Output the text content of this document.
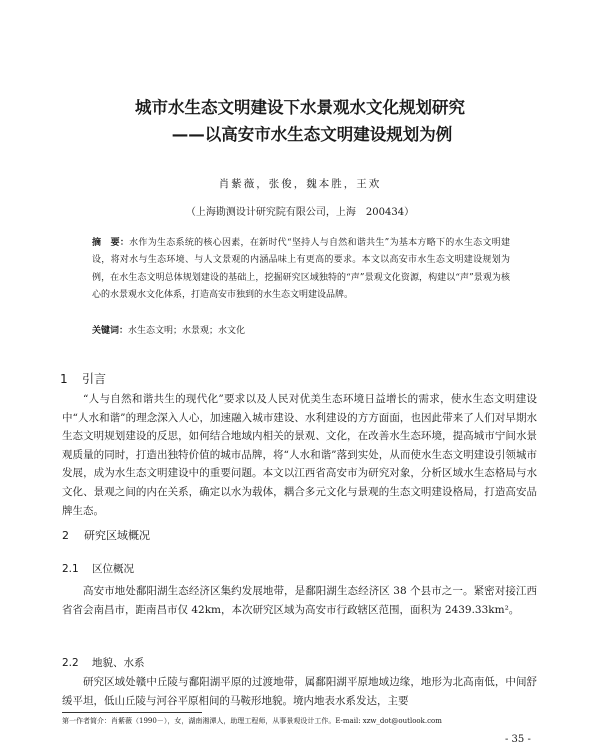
城市水生态文明建设下水景观水文化规划研究
——以高安市水生态文明建设规划为例
肖紫薇，张俊，魏本胜，王欢
（上海勘测设计研究院有限公司，上海　200434）
摘　要：水作为生态系统的核心因素，在新时代“坚持人与自然和谐共生”为基本方略下的水生态文明建设，将对水与生态环境、与人文景观的内涵品味上有更高的要求。本文以高安市水生态文明建设规划为例，在水生态文明总体规划建设的基础上，挖掘研究区域独特的“声”景观文化资源，构建以“声”景观为核心的水景观水文化体系，打造高安市独到的水生态文明建设品牌。
关键词：水生态文明；水景观；水文化
1 引言

“人与自然和谐共生的现代化”要求以及人民对优美生态环境日益增长的需求，使水生态文明建设中“人水和谐”的理念深入人心，加速融入城市建设、水利建设的方方面面，也因此带来了人们对早期水生态文明规划建设的反思，如何结合地域内相关的景观、文化，在改善水生态环境，提高城市宁间水景观质量的同时，打造出独特价值的城市品牌，将“人水和谐”落到实处，从而使水生态文明建设引领城市发展，成为水生态文明建设中的重要问题。本文以江西省高安市为研究对象，分析区域水生态格局与水文化、景观之间的内在关系，确定以水为载体，耦合多元文化与景观的生态文明建设格局，打造高安品牌生态。

2 研究区域概况
2.1 区位概况

高安市地处鄱阳湖生态经济区集约发展地带，是鄱阳湖生态经济区 38 个县市之一。紧密对接江西省省会南昌市，距南昌市仅 42km，本次研究区域为高安市行政辖区范围，面积为 2439.33km²。

2.2 地貌、水系

研究区域处赣中丘陵与鄱阳湖平原的过渡地带，属鄱阳湖平原地域边缘，地形为北高南低，中间舒缓平坦，低山丘陵与河谷平原相间的马鞍形地貌。境内地表水系发达，主要

第一作者简介：肖紫薇（1990－），女，湖南湘潭人，助理工程师，从事景观设计工作。E-mail: xzw_dot@outlook.com
- 35 -
